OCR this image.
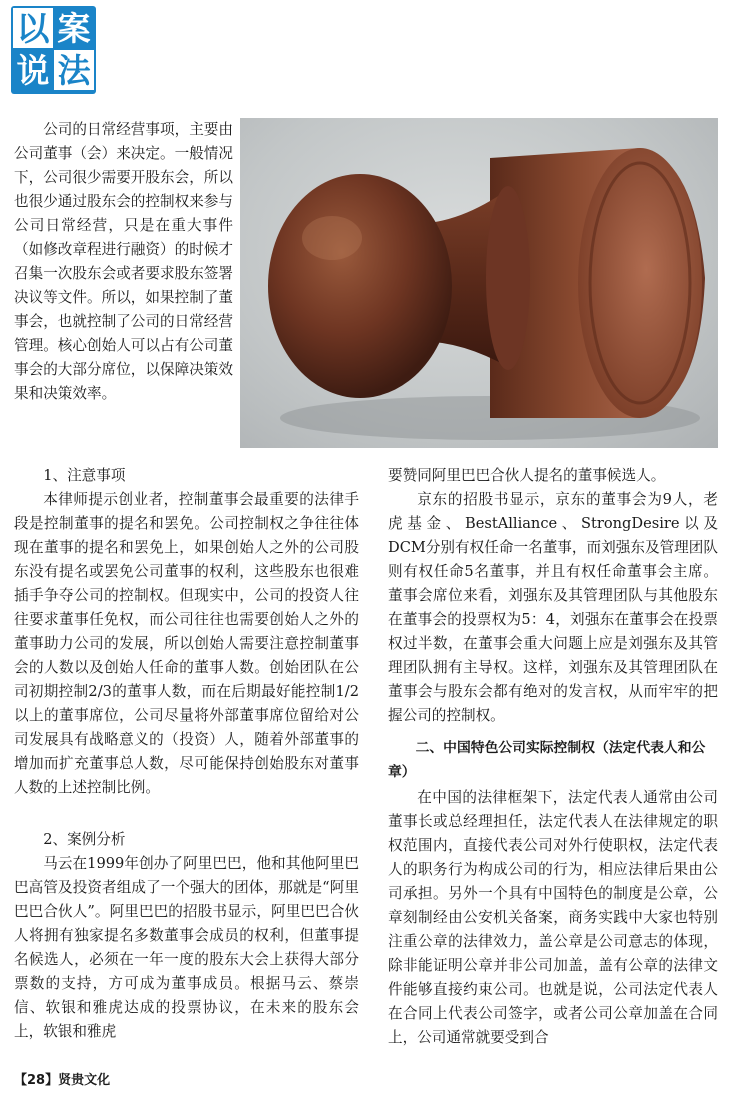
以 案
说 法

公司的日常经营事项，主要由公司董事（会）来决定。一般情况下，公司很少需要开股东会，所以也很少通过股东会的控制权来参与公司日常经营，只是在重大事件（如修改章程进行融资）的时候才召集一次股东会或者要求股东签署决议等文件。所以，如果控制了董事会，也就控制了公司的日常经营管理。核心创始人可以占有公司董事会的大部分席位，以保障决策效果和决策效率。

1、注意事项

本律师提示创业者，控制董事会最重要的法律手段是控制董事的提名和罢免。公司控制权之争往往体现在董事的提名和罢免上，如果创始人之外的公司股东没有提名或罢免公司董事的权利，这些股东也很难插手争夺公司的控制权。但现实中，公司的投资人往往要求董事任免权，而公司往往也需要创始人之外的董事助力公司的发展，所以创始人需要注意控制董事会的人数以及创始人任命的董事人数。创始团队在公司初期控制2/3的董事人数，而在后期最好能控制1/2以上的董事席位，公司尽量将外部董事席位留给对公司发展具有战略意义的（投资）人，随着外部董事的增加而扩充董事总人数，尽可能保持创始股东对董事人数的上述控制比例。

2、案例分析

马云在1999年创办了阿里巴巴，他和其他阿里巴巴高管及投资者组成了一个强大的团体，那就是“阿里巴巴合伙人”。阿里巴巴的招股书显示，阿里巴巴合伙人将拥有独家提名多数董事会成员的权利，但董事提名候选人，必须在一年一度的股东大会上获得大部分票数的支持，方可成为董事成员。根据马云、蔡崇信、软银和雅虎达成的投票协议，在未来的股东会上，软银和雅虎

要赞同阿里巴巴合伙人提名的董事候选人。

京东的招股书显示，京东的董事会为9人，老虎基金、BestAlliance、StrongDesire以及DCM分别有权任命一名董事，而刘强东及管理团队则有权任命5名董事，并且有权任命董事会主席。董事会席位来看，刘强东及其管理团队与其他股东在董事会的投票权为5：4，刘强东在董事会在投票权过半数，在董事会重大问题上应是刘强东及其管理团队拥有主导权。这样，刘强东及其管理团队在董事会与股东会都有绝对的发言权，从而牢牢的把握公司的控制权。

二、中国特色公司实际控制权（法定代表人和公章）

在中国的法律框架下，法定代表人通常由公司董事长或总经理担任，法定代表人在法律规定的职权范围内，直接代表公司对外行使职权，法定代表人的职务行为构成公司的行为，相应法律后果由公司承担。另外一个具有中国特色的制度是公章，公章刻制经由公安机关备案，商务实践中大家也特别注重公章的法律效力，盖公章是公司意志的体现，除非能证明公章并非公司加盖，盖有公章的法律文件能够直接约束公司。也就是说，公司法定代表人在合同上代表公司签字，或者公司公章加盖在合同上，公司通常就要受到合

【28】贤贵文化
